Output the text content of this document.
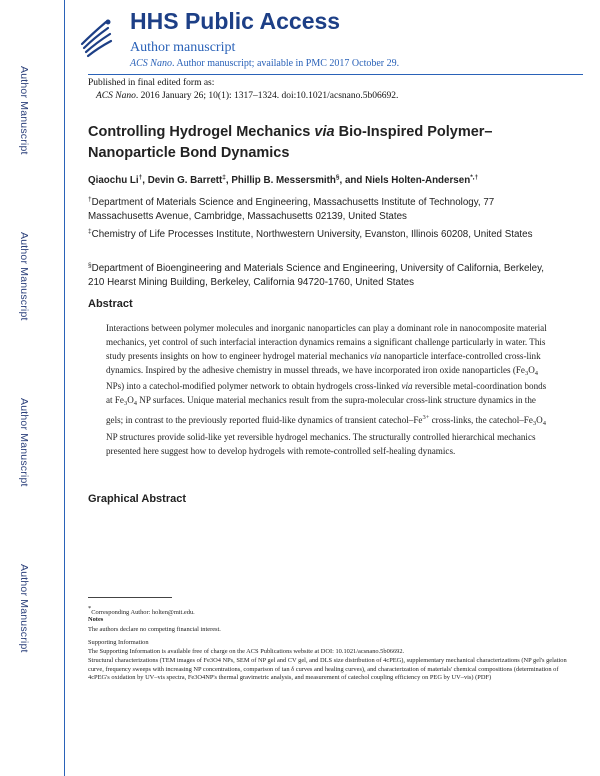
Author Manuscript
Author Manuscript
Author Manuscript
Author Manuscript
HHS Public Access
Author manuscript
ACS Nano. Author manuscript; available in PMC 2017 October 29.
Published in final edited form as:
ACS Nano. 2016 January 26; 10(1): 1317–1324. doi:10.1021/acsnano.5b06692.
Controlling Hydrogel Mechanics via Bio-Inspired Polymer–Nanoparticle Bond Dynamics
Qiaochu Li†, Devin G. Barrett‡, Phillip B. Messersmith§, and Niels Holten-Andersen*,†
†Department of Materials Science and Engineering, Massachusetts Institute of Technology, 77 Massachusetts Avenue, Cambridge, Massachusetts 02139, United States
‡Chemistry of Life Processes Institute, Northwestern University, Evanston, Illinois 60208, United States
§Department of Bioengineering and Materials Science and Engineering, University of California, Berkeley, 210 Hearst Mining Building, Berkeley, California 94720-1760, United States
Abstract
Interactions between polymer molecules and inorganic nanoparticles can play a dominant role in nanocomposite material mechanics, yet control of such interfacial interaction dynamics remains a significant challenge particularly in water. This study presents insights on how to engineer hydrogel material mechanics via nanoparticle interface-controlled cross-link dynamics. Inspired by the adhesive chemistry in mussel threads, we have incorporated iron oxide nanoparticles ($Fe_3O_4$ NPs) into a catechol-modified polymer network to obtain hydrogels cross-linked via reversible metal-coordination bonds at $Fe_3O_4$ NP surfaces. Unique material mechanics result from the supra-molecular cross-link structure dynamics in the gels; in contrast to the previously reported fluid-like dynamics of transient catechol–$Fe^{3+}$ cross-links, the catechol–$Fe_3O_4$ NP structures provide solid-like yet reversible hydrogel mechanics. The structurally controlled hierarchical mechanics presented here suggest how to develop hydrogels with remote-controlled self-healing dynamics.
Graphical Abstract
*Corresponding Author: holten@mit.edu.
Notes
The authors declare no competing financial interest.
Supporting Information
The Supporting Information is available free of charge on the ACS Publications website at DOI: 10.1021/acsnano.5b06692.
Structural characterizations (TEM images of Fe3O4 NPs, SEM of NP gel and CV gel, and DLS size distribution of 4cPEG), supplementary mechanical characterizations (NP gel's gelation curve, frequency sweeps with increasing NP concentrations, comparison of tan δ curves and healing curves), and characterization of materials' chemical compositions (determination of 4cPEG's oxidation by UV–vis spectra, Fe3O4NP's thermal gravimetric analysis, and measurement of catechol coupling efficiency on PEG by UV–vis) (PDF)
